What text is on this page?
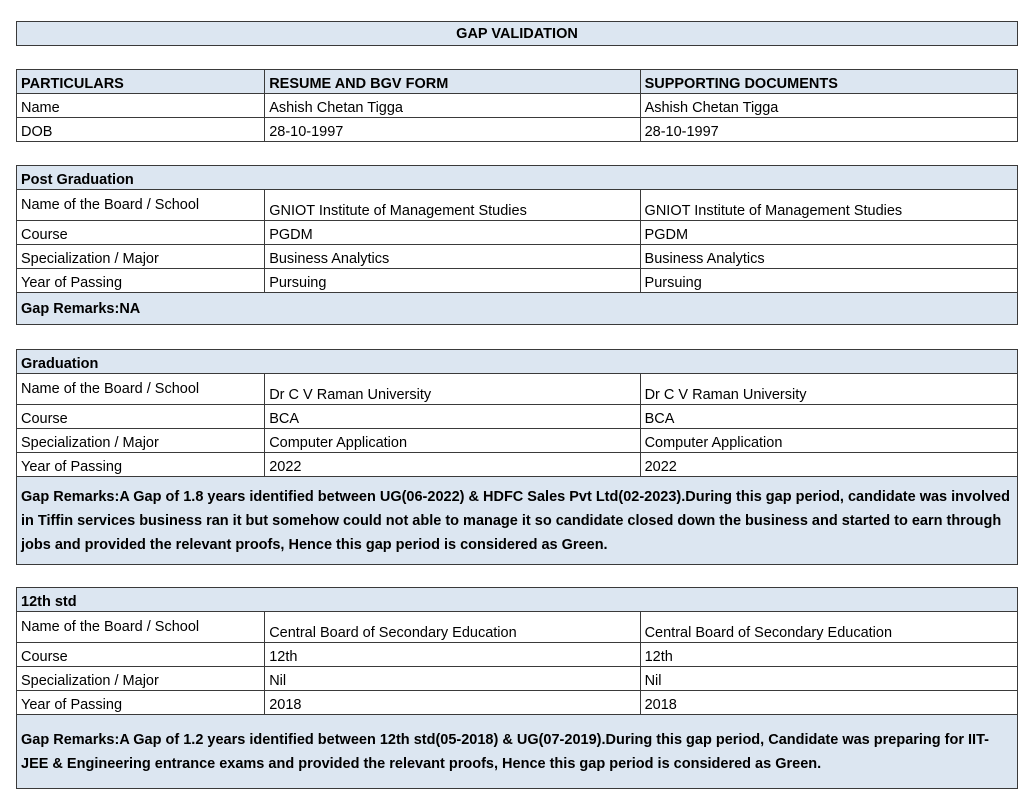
GAP VALIDATION
PARTICULARS	RESUME AND BGV FORM	SUPPORTING DOCUMENTS
Name	Ashish Chetan Tigga	Ashish Chetan Tigga
DOB	28-10-1997	28-10-1997
Post Graduation		
Name of the Board / School	GNIOT Institute of Management Studies	GNIOT Institute of Management Studies
Course	PGDM	PGDM
Specialization / Major	Business Analytics	Business Analytics
Year of Passing	Pursuing	Pursuing
Gap Remarks:NA		
Graduation		
Name of the Board / School	Dr C V Raman University	Dr C V Raman University
Course	BCA	BCA
Specialization / Major	Computer Application	Computer Application
Year of Passing	2022	2022
Gap Remarks:A Gap of 1.8 years identified between UG(06-2022) & HDFC Sales Pvt Ltd(02-2023).During this gap period, candidate was involved in Tiffin services business ran it but somehow could not able to manage it so candidate closed down the business and started to earn through jobs and provided the relevant proofs, Hence this gap period is considered as Green.		
12th std		
Name of the Board / School	Central Board of Secondary Education	Central Board of Secondary Education
Course	12th	12th
Specialization / Major	Nil	Nil
Year of Passing	2018	2018
Gap Remarks:A Gap of 1.2 years identified between 12th std(05-2018) & UG(07-2019).During this gap period, Candidate was preparing for IIT-JEE & Engineering entrance exams and provided the relevant proofs, Hence this gap period is considered as Green.		
